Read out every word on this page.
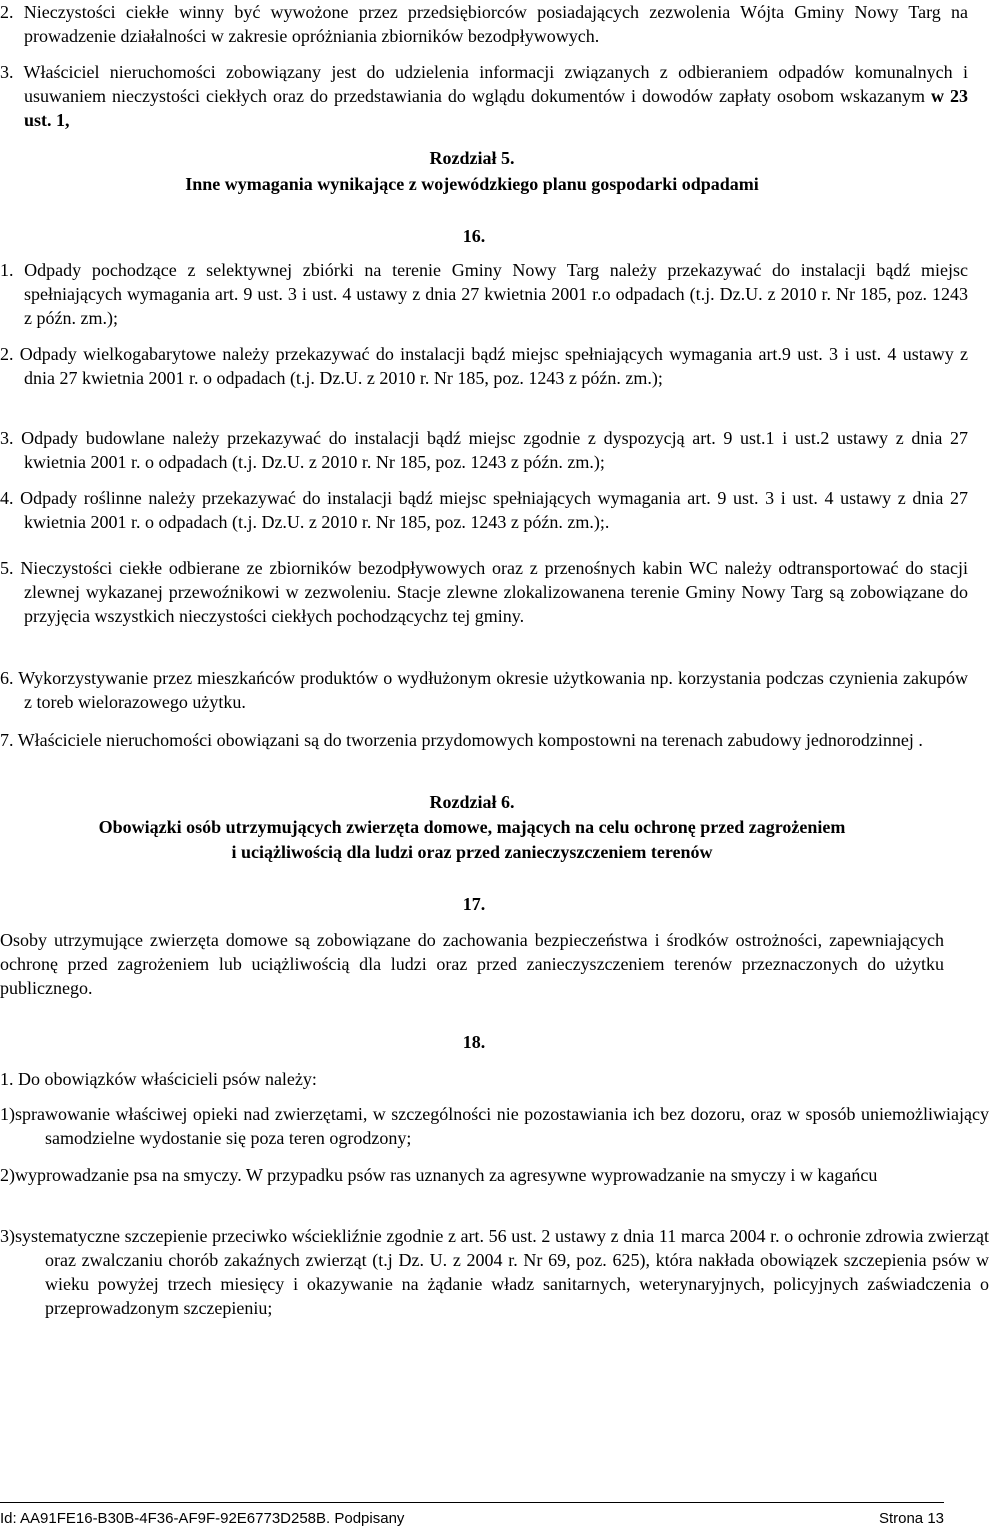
2. Nieczystości ciekłe winny być wywożone przez przedsiębiorców posiadających zezwolenia Wójta Gminy Nowy Targ na prowadzenie działalności w zakresie opróżniania zbiorników bezodpływowych.

3. Właściciel nieruchomości zobowiązany jest do udzielenia informacji związanych z odbieraniem odpadów komunalnych i usuwaniem nieczystości ciekłych oraz do przedstawiania do wglądu dokumentów i dowodów zapłaty osobom wskazanym w 23 ust. 1,

Rozdział 5.
Inne wymagania wynikające z wojewódzkiego planu gospodarki odpadami
16.

1. Odpady pochodzące z selektywnej zbiórki na terenie Gminy Nowy Targ należy przekazywać do instalacji bądź miejsc spełniających wymagania art. 9 ust. 3 i ust. 4 ustawy z dnia 27 kwietnia 2001 r.o odpadach (t.j. Dz.U. z 2010 r. Nr 185, poz. 1243 z późn. zm.);

2. Odpady wielkogabarytowe należy przekazywać do instalacji bądź miejsc spełniających wymagania art.9 ust. 3 i ust. 4 ustawy z dnia 27 kwietnia 2001 r. o odpadach (t.j. Dz.U. z 2010 r. Nr 185, poz. 1243 z późn. zm.);

3. Odpady budowlane należy przekazywać do instalacji bądź miejsc zgodnie z dyspozycją art. 9 ust.1 i ust.2 ustawy z dnia 27 kwietnia 2001 r. o odpadach (t.j. Dz.U. z 2010 r. Nr 185, poz. 1243 z późn. zm.);

4. Odpady roślinne należy przekazywać do instalacji bądź miejsc spełniających wymagania art. 9 ust. 3 i ust. 4 ustawy z dnia 27 kwietnia 2001 r. o odpadach (t.j. Dz.U. z 2010 r. Nr 185, poz. 1243 z późn. zm.);.

5. Nieczystości ciekłe odbierane ze zbiorników bezodpływowych oraz z przenośnych kabin WC należy odtransportować do stacji zlewnej wykazanej przewoźnikowi w zezwoleniu. Stacje zlewne zlokalizowanena terenie Gminy Nowy Targ są zobowiązane do przyjęcia wszystkich nieczystości ciekłych pochodzącychz tej gminy.

6. Wykorzystywanie przez mieszkańców produktów o wydłużonym okresie użytkowania np. korzystania podczas czynienia zakupów z toreb wielorazowego użytku.

7. Właściciele nieruchomości obowiązani są do tworzenia przydomowych kompostowni na terenach zabudowy jednorodzinnej .

Rozdział 6.
Obowiązki osób utrzymujących zwierzęta domowe, mających na celu ochronę przed zagrożeniem
i uciążliwością dla ludzi oraz przed zanieczyszczeniem terenów
17.

Osoby utrzymujące zwierzęta domowe są zobowiązane do zachowania bezpieczeństwa i środków ostrożności, zapewniających ochronę przed zagrożeniem lub uciążliwością dla ludzi oraz przed zanieczyszczeniem terenów przeznaczonych do użytku publicznego.

18.

1. Do obowiązków właścicieli psów należy:

1)sprawowanie właściwej opieki nad zwierzętami, w szczególności nie pozostawiania ich bez dozoru, oraz w sposób uniemożliwiający samodzielne wydostanie się poza teren ogrodzony;

2)wyprowadzanie psa na smyczy. W przypadku psów ras uznanych za agresywne wyprowadzanie na smyczy i w kagańcu

3)systematyczne szczepienie przeciwko wściekliźnie zgodnie z art. 56 ust. 2 ustawy z dnia 11 marca 2004 r. o ochronie zdrowia zwierząt oraz zwalczaniu chorób zakaźnych zwierząt (t.j Dz. U. z 2004 r. Nr 69, poz. 625), która nakłada obowiązek szczepienia psów w wieku powyżej trzech miesięcy i okazywanie na żądanie władz sanitarnych, weterynaryjnych, policyjnych zaświadczenia o przeprowadzonym szczepieniu;

Id: AA91FE16-B30B-4F36-AF9F-92E6773D258B. Podpisany	Strona 13
